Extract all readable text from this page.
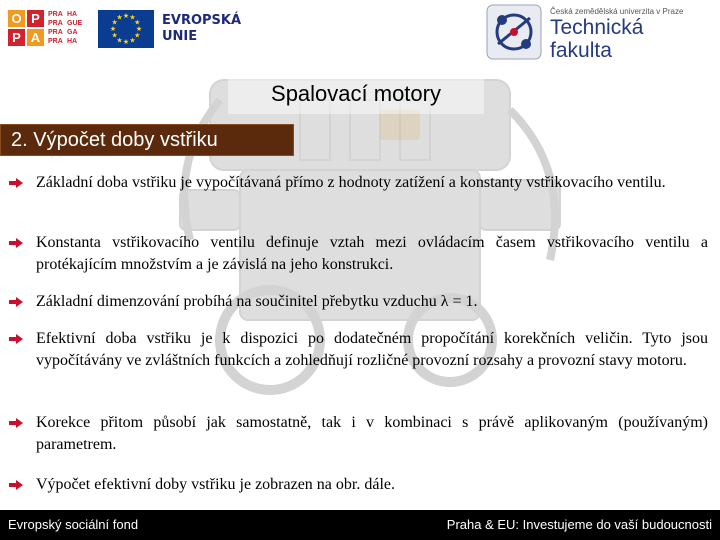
O P
P A
PRA HA
PRA GUE
PRA GA
PRA HA
★ ★
★
★
★
★
★
★
★
★
★
★	EVROPSKÁ
UNIE
Česká zemědělská univerzita v Praze
Technická
fakulta
Spalovací motory
2. Výpočet doby vstřiku
Základní doba vstřiku je vypočítávaná přímo z hodnoty zatížení a konstanty vstřikovacího ventilu.
Konstanta vstřikovacího ventilu definuje vztah mezi ovládacím časem vstřikovacího ventilu a protékajícím množstvím a je závislá na jeho konstrukci.
Základní dimenzování probíhá na součinitel přebytku vzduchu λ = 1.
Efektivní doba vstřiku je k dispozici po dodatečném propočítání korekčních veličin. Tyto jsou vypočítávány ve zvláštních funkcích a zohledňují rozličné provozní rozsahy a provozní stavy motoru.
Korekce přitom působí jak samostatně, tak i v kombinaci s právě aplikovaným (používaným) parametrem.
Výpočet efektivní doby vstřiku je zobrazen na obr. dále.
Evropský sociální fond	Praha & EU: Investujeme do vaší budoucnosti
